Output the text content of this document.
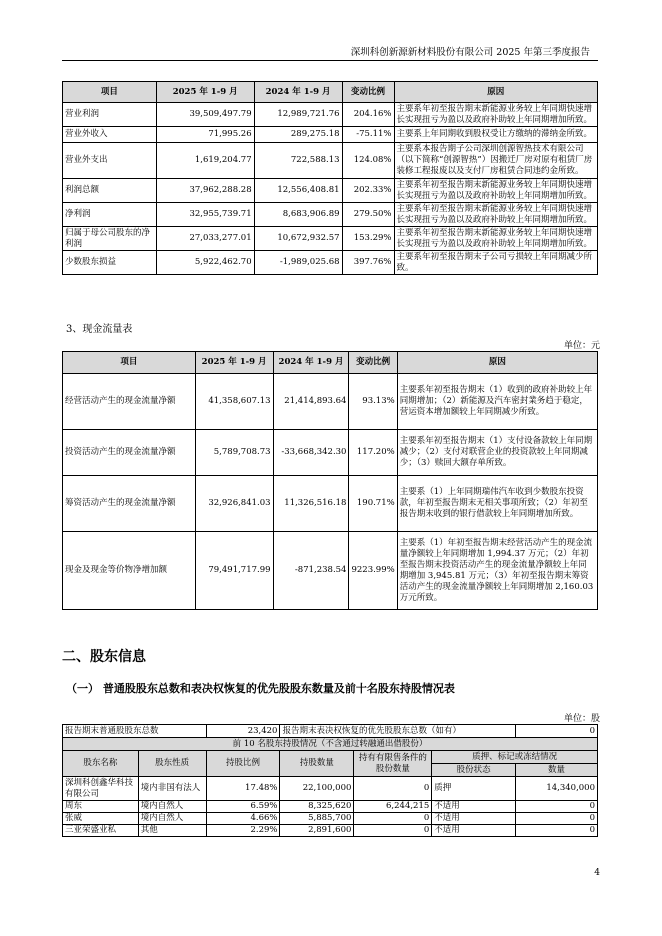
深圳科创新源新材料股份有限公司 2025 年第三季度报告
项目	2025 年 1-9 月	2024 年 1-9 月	变动比例	原因
营业利润	39,509,497.79	12,989,721.76	204.16%	主要系年初至报告期末新能源业务较上年同期快速增长实现扭亏为盈以及政府补助较上年同期增加所致。
营业外收入	71,995.26	289,275.18	-75.11%	主要系上年同期收到股权受让方缴纳的滞纳金所致。
营业外支出	1,619,204.77	722,588.13	124.08%	主要系本报告期子公司深圳创源智热技术有限公司（以下简称“创源智热”）因搬迁厂房对原有租赁厂房装修工程报废以及支付厂房租赁合同违约金所致。
利润总额	37,962,288.28	12,556,408.81	202.33%	主要系年初至报告期末新能源业务较上年同期快速增长实现扭亏为盈以及政府补助较上年同期增加所致。
净利润	32,955,739.71	8,683,906.89	279.50%	主要系年初至报告期末新能源业务较上年同期快速增长实现扭亏为盈以及政府补助较上年同期增加所致。
归属于母公司股东的净利润	27,033,277.01	10,672,932.57	153.29%	主要系年初至报告期末新能源业务较上年同期快速增长实现扭亏为盈以及政府补助较上年同期增加所致。
少数股东损益	5,922,462.70	-1,989,025.68	397.76%	主要系年初至报告期末子公司亏损较上年同期减少所致。
3、现金流量表
单位：元
项目	2025 年 1-9 月	2024 年 1-9 月	变动比例	原因
经营活动产生的现金流量净额	41,358,607.13	21,414,893.64	93.13%	主要系年初至报告期末（1）收到的政府补助较上年同期增加；（2）新能源及汽车密封業务趋于稳定，营运资本增加额较上年同期减少所致。
投资活动产生的现金流量净额	5,789,708.73	-33,668,342.30	117.20%	主要系年初至报告期末（1）支付设备款较上年同期减少；（2）支付对联营企业的投资款较上年同期减少；（3）赎回大额存单所致。
筹资活动产生的现金流量净额	32,926,841.03	11,326,516.18	190.71%	主要系（1）上年同期瑞伟汽车收到少数股东投资款，年初至报告期末无相关事项所致；（2）年初至报告期末收到的银行借款较上年同期增加所致。
现金及现金等价物净增加额	79,491,717.99	-871,238.54	9223.99%	主要系（1）年初至报告期末经营活动产生的现金流量净额较上年同期增加 1,994.37 万元；（2）年初至报告期末投资活动产生的现金流量净额较上年同期增加 3,945.81 万元；（3）年初至报告期末筹资活动产生的现金流量净额较上年同期增加 2,160.03 万元所致。
二、股东信息
（一） 普通股股东总数和表决权恢复的优先股股东数量及前十名股东持股情况表
单位：股
报告期末普通股股东总数		23,420	报告期末表决权恢复的优先股股东总数（如有）			0
前 10 名股东持股情况（不含通过转融通出借股份）						
股东名称	股东性质	持股比例	持股数量	持有有限售条件的股份数量	质押、标记或冻结情况	
					股份状态	数量
深圳科创鑫华科技有限公司	境内非国有法人	17.48%	22,100,000	0	质押	14,340,000
周东	境内自然人	6.59%	8,325,620	6,244,215	不适用	0
张威	境内自然人	4.66%	5,885,700	0	不适用	0
三亚荣盛业私	其他	2.29%	2,891,600	0	不适用	0
4
